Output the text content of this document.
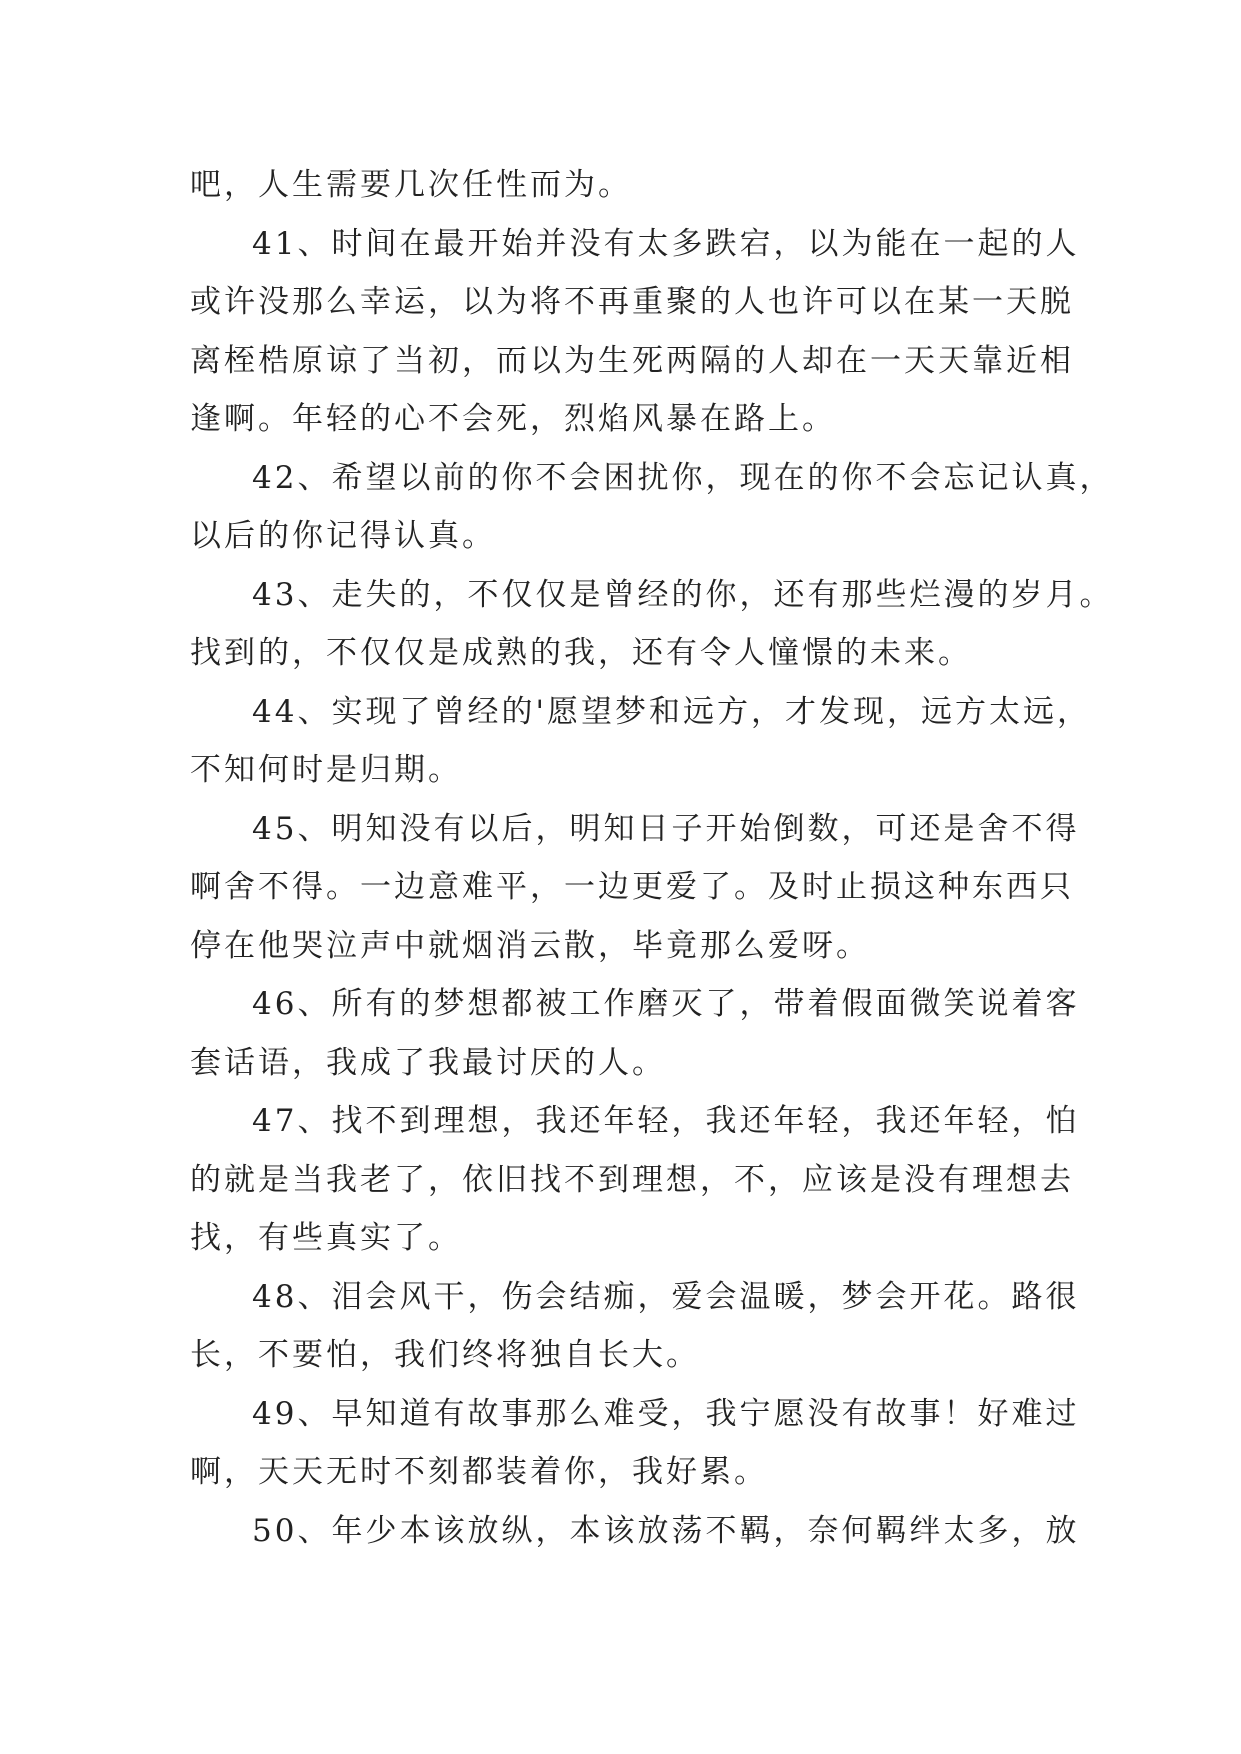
吧，人生需要几次任性而为。
41、时间在最开始并没有太多跌宕，以为能在一起的人
或许没那么幸运，以为将不再重聚的人也许可以在某一天脱
离桎梏原谅了当初，而以为生死两隔的人却在一天天靠近相
逢啊。年轻的心不会死，烈焰风暴在路上。
42、希望以前的你不会困扰你，现在的你不会忘记认真，
以后的你记得认真。
43、走失的，不仅仅是曾经的你，还有那些烂漫的岁月。
找到的，不仅仅是成熟的我，还有令人憧憬的未来。
44、实现了曾经的'愿望梦和远方，才发现，远方太远，
不知何时是归期。
45、明知没有以后，明知日子开始倒数，可还是舍不得
啊舍不得。一边意难平，一边更爱了。及时止损这种东西只
停在他哭泣声中就烟消云散，毕竟那么爱呀。
46、所有的梦想都被工作磨灭了，带着假面微笑说着客
套话语，我成了我最讨厌的人。
47、找不到理想，我还年轻，我还年轻，我还年轻，怕
的就是当我老了，依旧找不到理想，不，应该是没有理想去
找，有些真实了。
48、泪会风干，伤会结痂，爱会温暖，梦会开花。路很
长，不要怕，我们终将独自长大。
49、早知道有故事那么难受，我宁愿没有故事！好难过
啊，天天无时不刻都装着你，我好累。
50、年少本该放纵，本该放荡不羁，奈何羁绊太多，放
